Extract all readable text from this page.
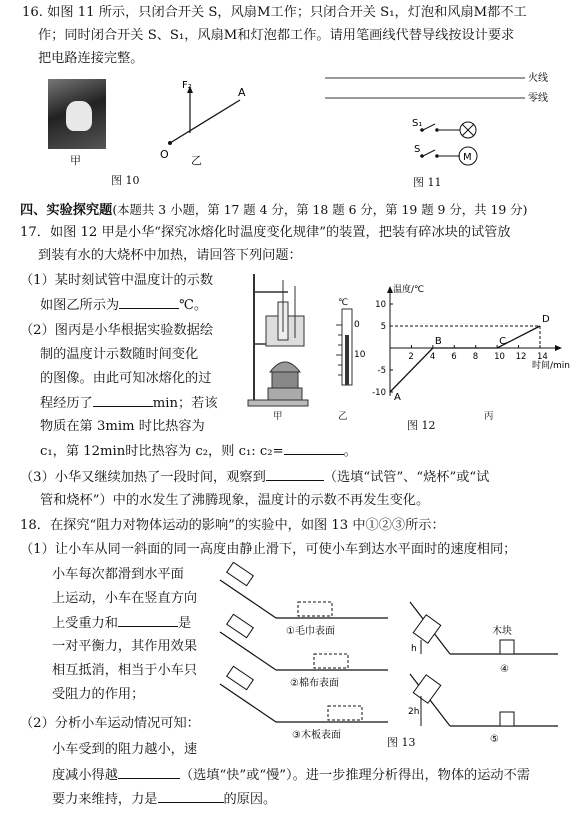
16. 如图 11 所示，只闭合开关 S，风扇M工作；只闭合开关 S₁，灯泡和风扇M都不工
作；同时闭合开关 S、S₁，风扇M和灯泡都工作。请用笔画线代替导线按设计要求
把电路连接完整。
甲
F₂
O
A
乙
图 10
火线
零线
S₁
M
S
图 11
四、实验探究题(本题共 3 小题，第 17 题 4 分，第 18 题 6 分，第 19 题 9 分，共 19 分)
17．如图 12 甲是小华“探究冰熔化时温度变化规律”的装置，把装有碎冰块的试管放
到装有水的大烧杯中加热，请回答下列问题：
（1）某时刻试管中温度计的示数
如图乙所示为	℃。
（2）图丙是小华根据实验数据绘
制的温度计示数随时间变化
的图像。由此可知冰熔化的过
程经历了	min；若该
物质在第 3mim 时比热容为
c₁，第 12min时比热容为 c₂，则 c₁: c₂=	。
（3）小华又继续加热了一段时间，观察到	（选填“试管”、“烧杯”或“试
管和烧杯”）中的水发生了沸腾现象，温度计的示数不再发生变化。
甲
℃
0
10
乙
温度/℃
时间/min
2 4 6 8 10 12 14
10
5
-5
-10 A
B	C
D
丙
图 12
18．在探究“阻力对物体运动的影响”的实验中，如图 13 中①②③所示：
（1）让小车从同一斜面的同一高度由静止滑下，可使小车到达水平面时的速度相同；
小车每次都滑到水平面
上运动，小车在竖直方向
上受重力和	是
一对平衡力，其作用效果
相互抵消，相当于小车只
受阻力的作用；
（2）分析小车运动情况可知：
小车受到的阻力越小，速
度减小得越	（选填“快”或“慢”）。进一步推理分析得出，物体的运动不需
要力来维持，力是	的原因。
①毛巾表面
②棉布表面
③木板表面
h
木块
④
2h
⑤
图 13
